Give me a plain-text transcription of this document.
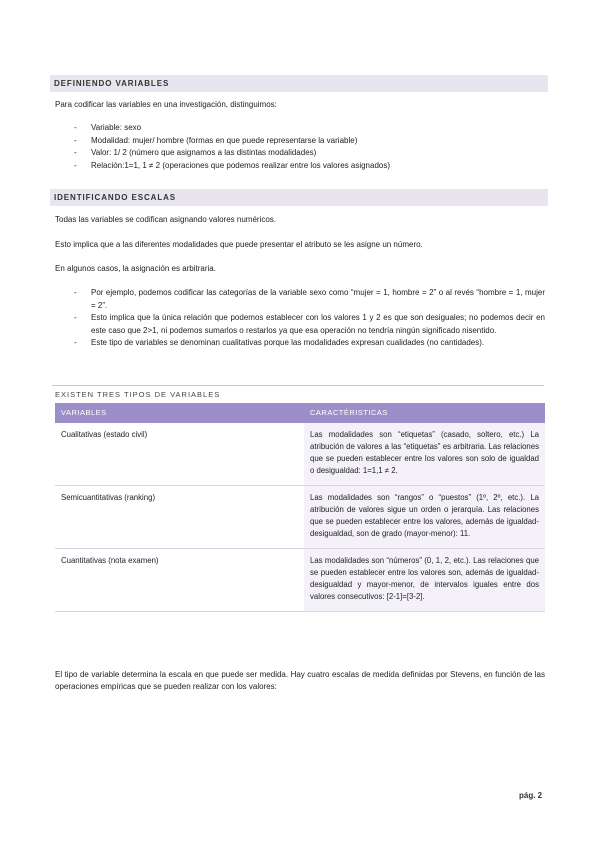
DEFINIENDO VARIABLES
Para codificar las variables en una investigación, distinguimos:
- Variable: sexo
- Modalidad: mujer/ hombre (formas en que puede representarse la variable)
- Valor: 1/ 2 (número que asignamos a las distintas modalidades)
- Relación:1=1, 1 ≠ 2 (operaciones que podemos realizar entre los valores asignados)
IDENTIFICANDO ESCALAS
Todas las variables se codifican asignando valores numéricos.
Esto implica que a las diferentes modalidades que puede presentar el atributo se les asigne un número.
En algunos casos, la asignación es arbitraria.
- Por ejemplo, podemos codificar las categorías de la variable sexo como “mujer = 1, hombre = 2” o al revés “hombre = 1, mujer = 2”.
- Esto implica que la única relación que podemos establecer con los valores 1 y 2 es que son desiguales; no podemos decir en este caso que 2>1, ni podemos sumarlos o restarlos ya que esa operación no tendría ningún significado nisentido.
- Este tipo de variables se denominan cualitativas porque las modalidades expresan cualidades (no cantidades).
EXISTEN TRES TIPOS DE VARIABLES
VARIABLES	CARACTÉRISTICAS
Cualitativas (estado civil)	Las modalidades son “etiquetas” (casado, soltero, etc.) La atribución de valores a las “etiquetas” es arbitraria. Las relaciones que se pueden establecer entre los valores son solo de igualdad o desigualdad: 1=1,1 ≠ 2.
Semicuantitativas (ranking)	Las modalidades son “rangos” o “puestos” (1º, 2º, etc.). La atribución de valores sigue un orden o jerarquía. Las relaciones que se pueden establecer entre los valores, además de igualdad-desigualdad, son de grado (mayor-menor): 11.
Cuantitativas (nota examen)	Las modalidades son “números” (0, 1, 2, etc.). Las relaciones que se pueden establecer entre los valores son, además de igualdad-desigualdad y mayor-menor, de intervalos iguales entre dos valores consecutivos: [2-1]=[3-2].
El tipo de variable determina la escala en que puede ser medida. Hay cuatro escalas de medida definidas por Stevens, en función de las operaciones empíricas que se pueden realizar con los valores:
pág. 2
